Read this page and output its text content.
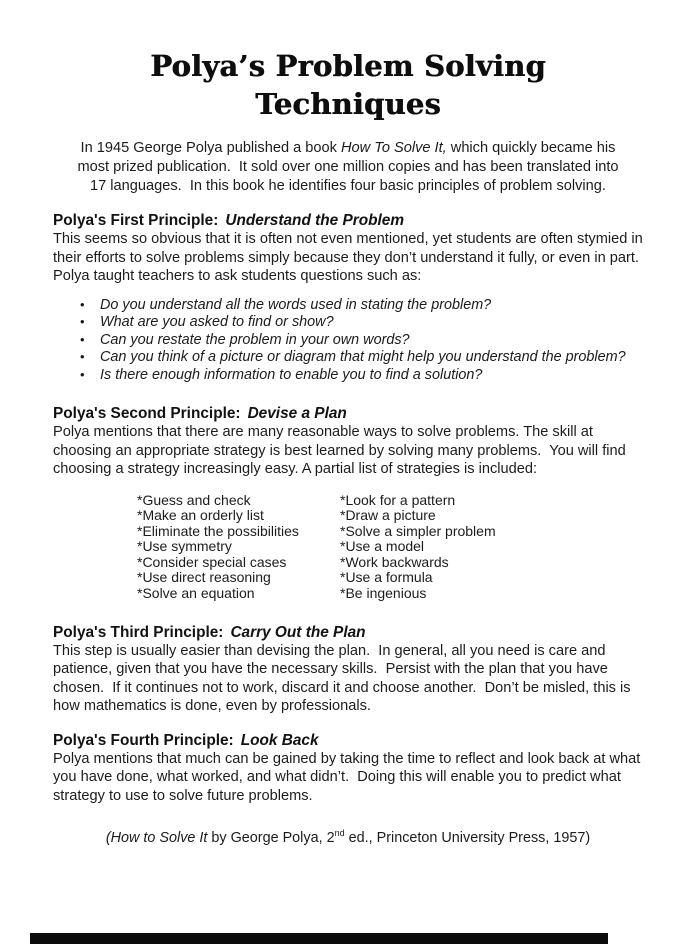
Polya’s Problem Solving Techniques

In 1945 George Polya published a book How To Solve It, which quickly became his most prized publication.  It sold over one million copies and has been translated into 17 languages.  In this book he identifies four basic principles of problem solving.

Polya's First Principle: Understand the Problem

This seems so obvious that it is often not even mentioned, yet students are often stymied in their efforts to solve problems simply because they don’t understand it fully, or even in part.  Polya taught teachers to ask students questions such as:

• Do you understand all the words used in stating the problem?
• What are you asked to find or show?
• Can you restate the problem in your own words?
• Can you think of a picture or diagram that might help you understand the problem?
• Is there enough information to enable you to find a solution?
Polya's Second Principle: Devise a Plan

Polya mentions that there are many reasonable ways to solve problems. The skill at choosing an appropriate strategy is best learned by solving many problems.  You will find choosing a strategy increasingly easy. A partial list of strategies is included:

*Guess and check

*Make an orderly list

*Eliminate the possibilities

*Use symmetry

*Consider special cases

*Use direct reasoning

*Solve an equation

*Look for a pattern

*Draw a picture

*Solve a simpler problem

*Use a model

*Work backwards

*Use a formula

*Be ingenious

Polya's Third Principle: Carry Out the Plan

This step is usually easier than devising the plan.  In general, all you need is care and patience, given that you have the necessary skills.  Persist with the plan that you have chosen.  If it continues not to work, discard it and choose another.  Don’t be misled, this is how mathematics is done, even by professionals.

Polya's Fourth Principle: Look Back

Polya mentions that much can be gained by taking the time to reflect and look back at what you have done, what worked, and what didn’t.  Doing this will enable you to predict what strategy to use to solve future problems.

(How to Solve It by George Polya, 2nd ed., Princeton University Press, 1957)
